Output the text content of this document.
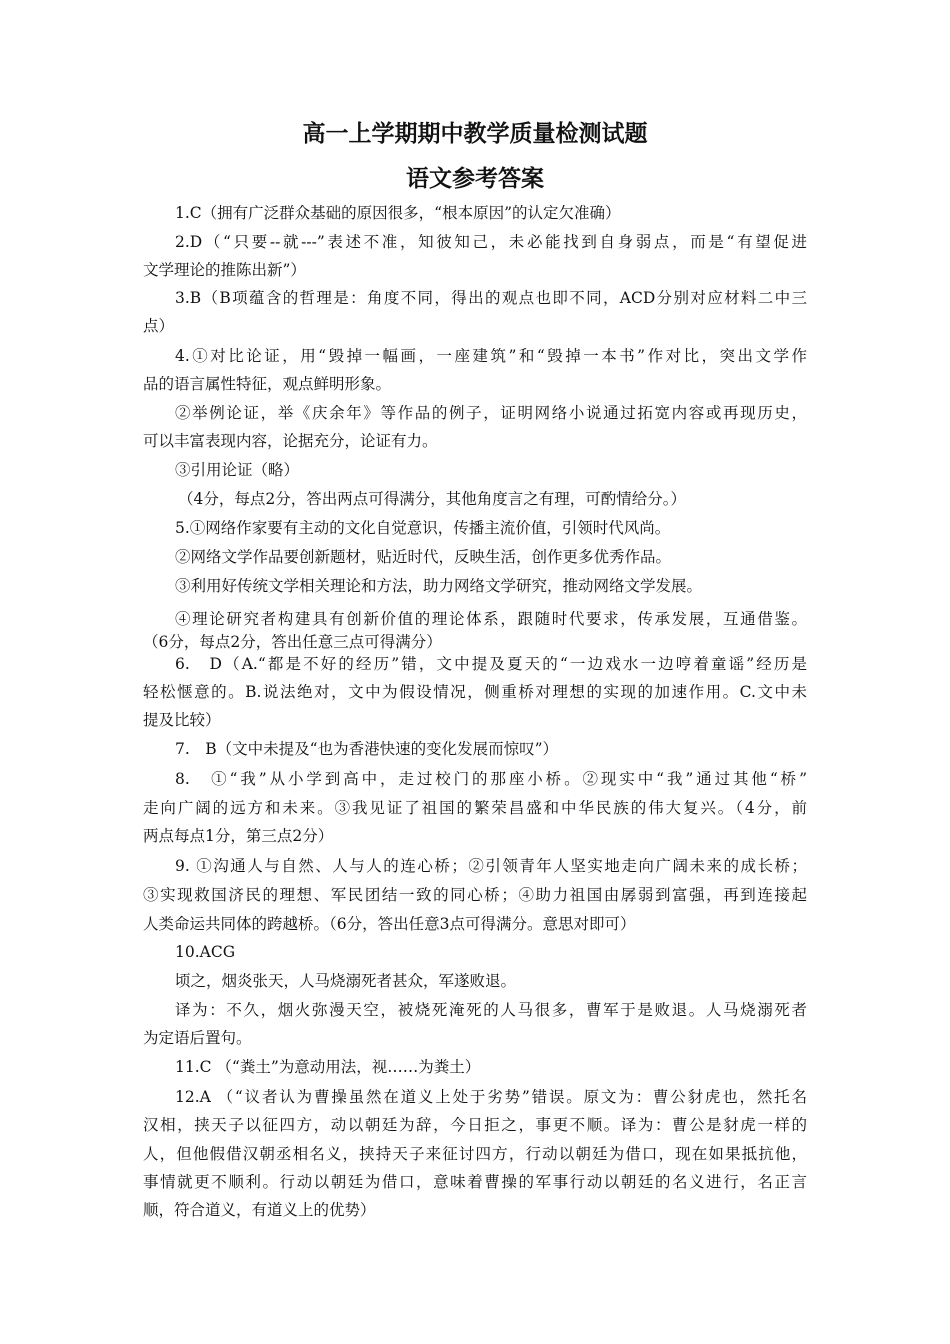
高一上学期期中教学质量检测试题
语文参考答案
1.C（拥有广泛群众基础的原因很多，“根本原因”的认定欠准确）
2.D（“只要--就---”表述不准，知彼知己，未必能找到自身弱点，而是“有望促进
文学理论的推陈出新”）
3.B（B项蕴含的哲理是：角度不同，得出的观点也即不同，ACD分别对应材料二中三
点）
4.①对比论证，用“毁掉一幅画，一座建筑”和“毁掉一本书”作对比，突出文学作
品的语言属性特征，观点鲜明形象。
②举例论证，举《庆余年》等作品的例子，证明网络小说通过拓宽内容或再现历史，
可以丰富表现内容，论据充分，论证有力。
③引用论证（略）
（4分，每点2分，答出两点可得满分，其他角度言之有理，可酌情给分。）
5.①网络作家要有主动的文化自觉意识，传播主流价值，引领时代风尚。
②网络文学作品要创新题材，贴近时代，反映生活，创作更多优秀作品。
③利用好传统文学相关理论和方法，助力网络文学研究，推动网络文学发展。
④理论研究者构建具有创新价值的理论体系，跟随时代要求，传承发展，互通借鉴。
（6分，每点2分，答出任意三点可得满分）
6.　D（A.“都是不好的经历”错，文中提及夏天的“一边戏水一边哼着童谣”经历是
轻松惬意的。B.说法绝对，文中为假设情况，侧重桥对理想的实现的加速作用。C.文中未
提及比较）
7.　B（文中未提及“也为香港快速的变化发展而惊叹”）
8.　①“我”从小学到高中，走过校门的那座小桥。②现实中“我”通过其他“桥”
走向广阔的远方和未来。③我见证了祖国的繁荣昌盛和中华民族的伟大复兴。（4分，前
两点每点1分，第三点2分）
9. ①沟通人与自然、人与人的连心桥；②引领青年人坚实地走向广阔未来的成长桥；
③实现救国济民的理想、军民团结一致的同心桥；④助力祖国由孱弱到富强，再到连接起
人类命运共同体的跨越桥。（6分，答出任意3点可得满分。意思对即可）
10.ACG
顷之，烟炎张天，人马烧溺死者甚众，军遂败退。
译为：不久，烟火弥漫天空，被烧死淹死的人马很多，曹军于是败退。人马烧溺死者
为定语后置句。
11.C （“粪土”为意动用法，视……为粪土）
12.A （“议者认为曹操虽然在道义上处于劣势”错误。原文为：曹公豺虎也，然托名
汉相，挟天子以征四方，动以朝廷为辞，今日拒之，事更不顺。译为：曹公是豺虎一样的
人，但他假借汉朝丞相名义，挟持天子来征讨四方，行动以朝廷为借口，现在如果抵抗他，
事情就更不顺利。行动以朝廷为借口，意味着曹操的军事行动以朝廷的名义进行，名正言
顺，符合道义，有道义上的优势）
